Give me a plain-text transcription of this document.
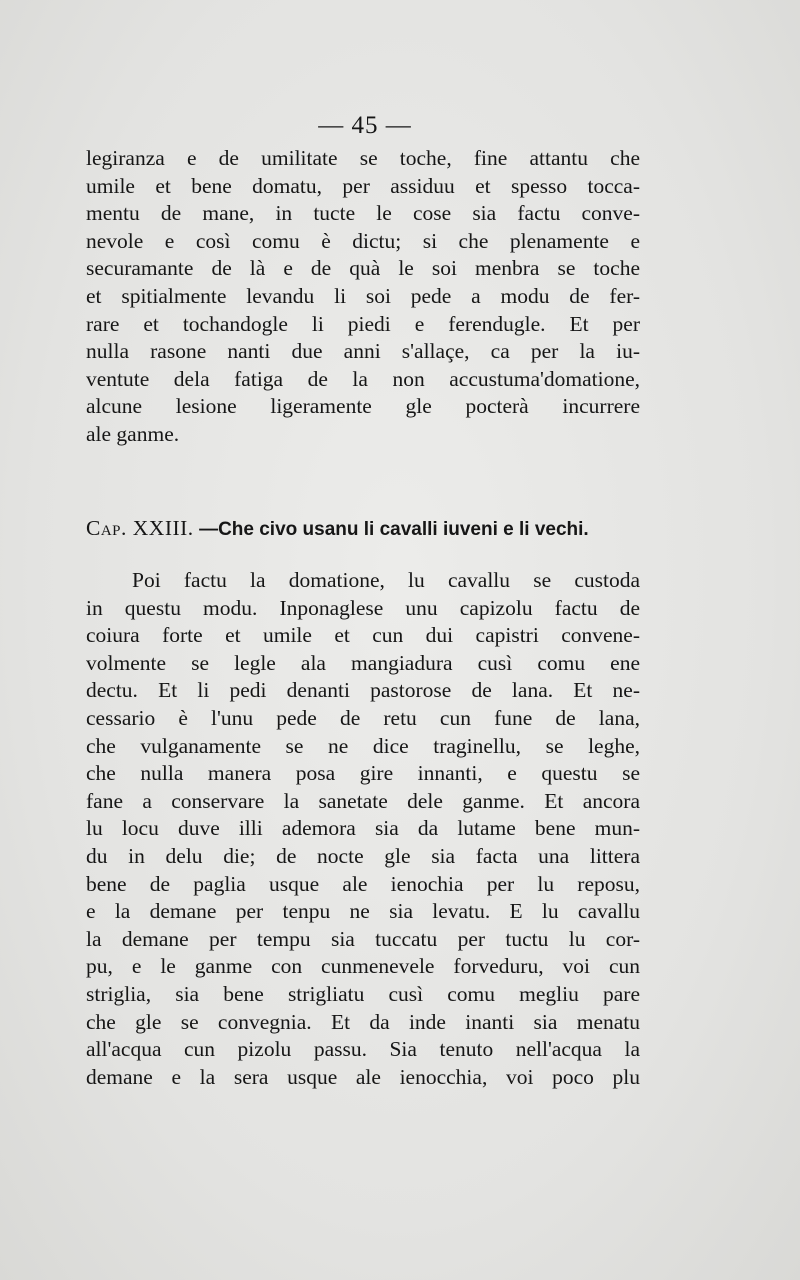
— 45 —
legiranza e de umilitate se toche, fine attantu che
umile et bene domatu, per assiduu et spesso tocca-
mentu de mane, in tucte le cose sia factu conve-
nevole e così comu è dictu; si che plenamente e
securamante de là e de quà le soi menbra se toche
et spitialmente levandu li soi pede a modu de fer-
rare et tochandogle li piedi e ferendugle. Et per
nulla rasone nanti due anni s'allaçe, ca per la iu-
ventute dela fatiga de la non accustuma'domatione,
alcune lesione ligeramente gle pocterà incurrere
ale ganme.
Cap. XXIII. —Che civo usanu li cavalli iuveni e li vechi.
Poi factu la domatione, lu cavallu se custoda
in questu modu. Inponaglese unu capizolu factu de
coiura forte et umile et cun dui capistri convene-
volmente se legle ala mangiadura cusì comu ene
dectu. Et li pedi denanti pastorose de lana. Et ne-
cessario è l'unu pede de retu cun fune de lana,
che vulganamente se ne dice traginellu, se leghe,
che nulla manera posa gire innanti, e questu se
fane a conservare la sanetate dele ganme. Et ancora
lu locu duve illi ademora sia da lutame bene mun-
du in delu die; de nocte gle sia facta una littera
bene de paglia usque ale ienochia per lu reposu,
e la demane per tenpu ne sia levatu. E lu cavallu
la demane per tempu sia tuccatu per tuctu lu cor-
pu, e le ganme con cunmenevele forveduru, voi cun
striglia, sia bene strigliatu cusì comu megliu pare
che gle se convegnia. Et da inde inanti sia menatu
all'acqua cun pizolu passu. Sia tenuto nell'acqua la
demane e la sera usque ale ienocchia, voi poco plu
